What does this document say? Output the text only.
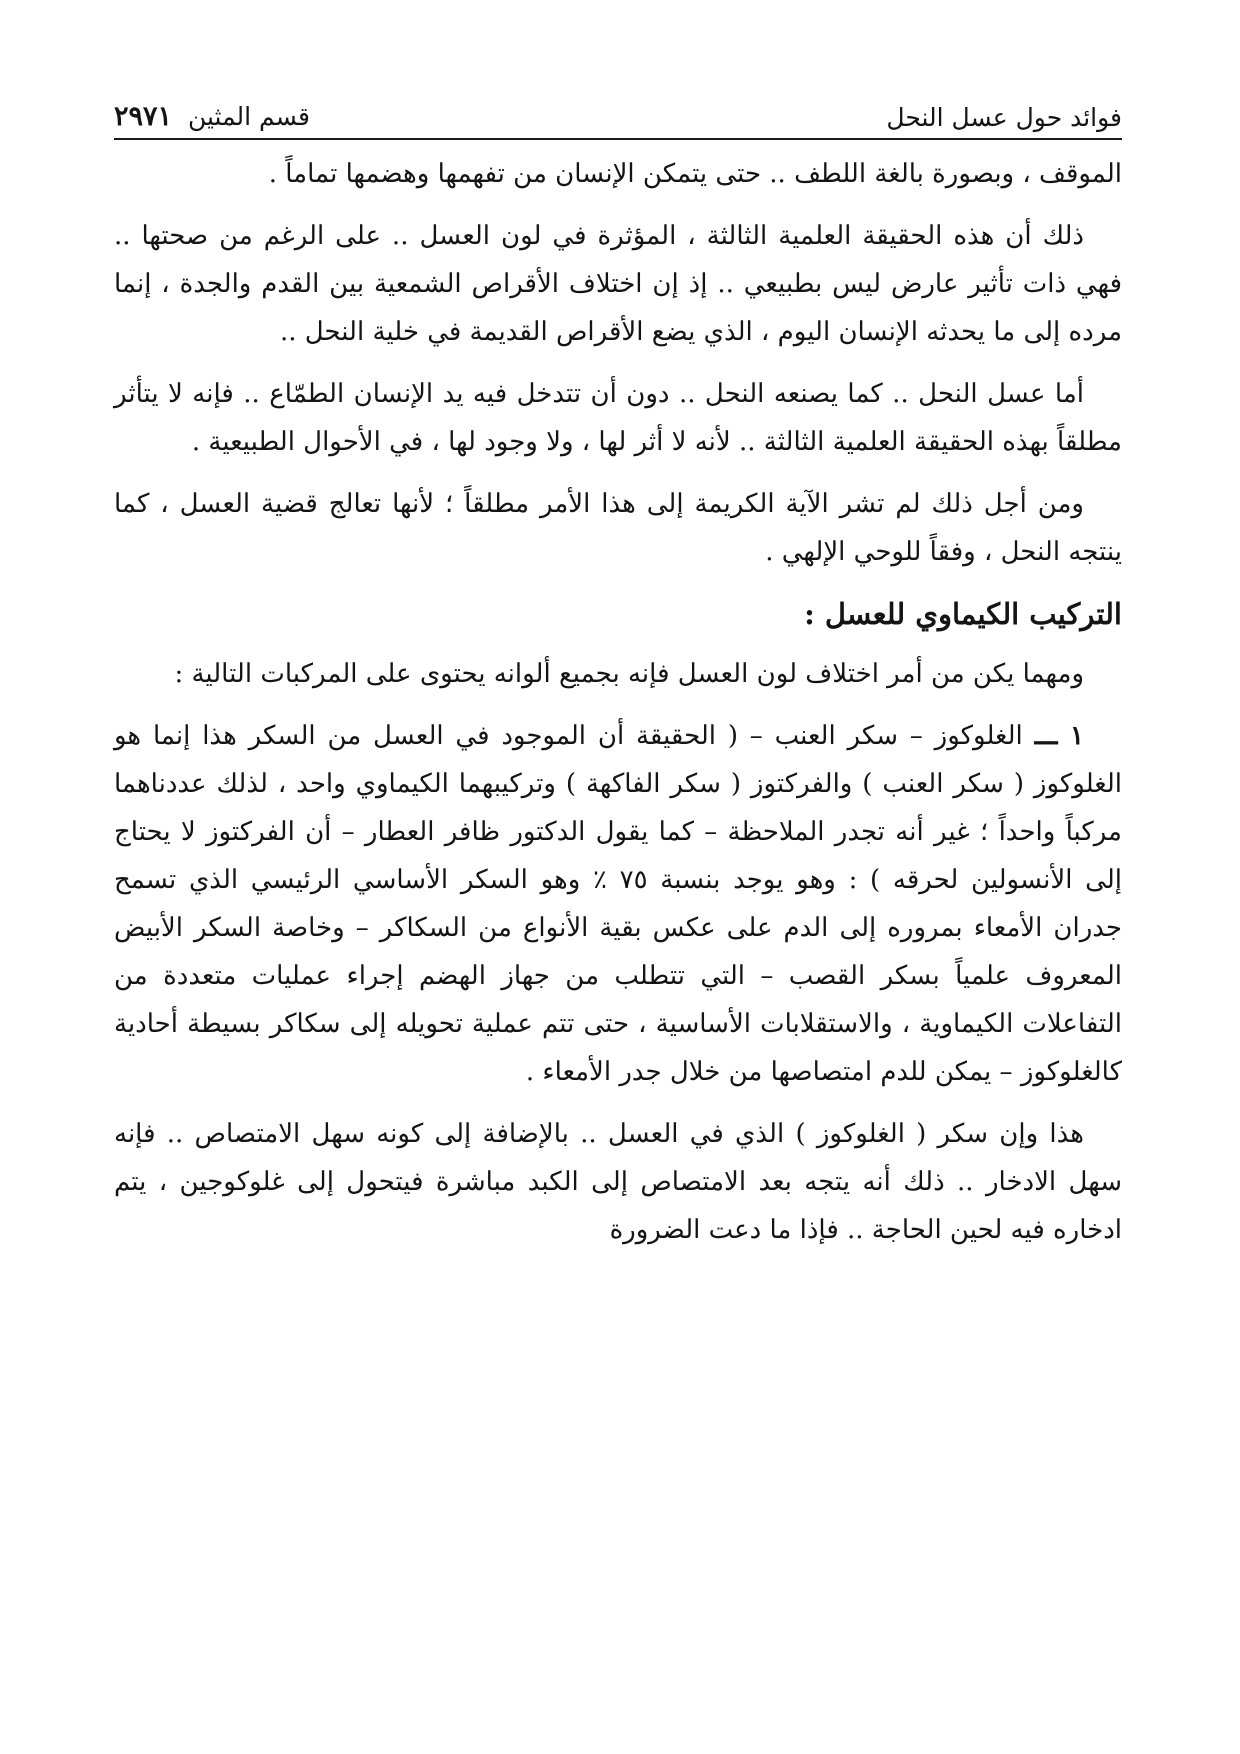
فوائد حول عسل النحل
قسم المثين ٢٩٧١

الموقف ، وبصورة بالغة اللطف .. حتى يتمكن الإنسان من تفهمها وهضمها تماماً .

ذلك أن هذه الحقيقة العلمية الثالثة ، المؤثرة في لون العسل .. على الرغم من صحتها .. فهي ذات تأثير عارض ليس بطبيعي .. إذ إن اختلاف الأقراص الشمعية بين القدم والجدة ، إنما مرده إلى ما يحدثه الإنسان اليوم ، الذي يضع الأقراص القديمة في خلية النحل ..

أما عسل النحل .. كما يصنعه النحل .. دون أن تتدخل فيه يد الإنسان الطمّاع .. فإنه لا يتأثر مطلقاً بهذه الحقيقة العلمية الثالثة .. لأنه لا أثر لها ، ولا وجود لها ، في الأحوال الطبيعية .

ومن أجل ذلك لم تشر الآية الكريمة إلى هذا الأمر مطلقاً ؛ لأنها تعالج قضية العسل ، كما ينتجه النحل ، وفقاً للوحي الإلهي .

التركيب الكيماوي للعسل :

ومهما يكن من أمر اختلاف لون العسل فإنه بجميع ألوانه يحتوى على المركبات التالية :

١ ـــ الغلوكوز – سكر العنب – ( الحقيقة أن الموجود في العسل من السكر هذا إنما هو الغلوكوز ( سكر العنب ) والفركتوز ( سكر الفاكهة ) وتركيبهما الكيماوي واحد ، لذلك عددناهما مركباً واحداً ؛ غير أنه تجدر الملاحظة – كما يقول الدكتور ظافر العطار – أن الفركتوز لا يحتاج إلى الأنسولين لحرقه ) : وهو يوجد بنسبة ٧٥ ٪ وهو السكر الأساسي الرئيسي الذي تسمح جدران الأمعاء بمروره إلى الدم على عكس بقية الأنواع من السكاكر – وخاصة السكر الأبيض المعروف علمياً بسكر القصب – التي تتطلب من جهاز الهضم إجراء عمليات متعددة من التفاعلات الكيماوية ، والاستقلابات الأساسية ، حتى تتم عملية تحويله إلى سكاكر بسيطة أحادية كالغلوكوز – يمكن للدم امتصاصها من خلال جدر الأمعاء .

هذا وإن سكر ( الغلوكوز ) الذي في العسل .. بالإضافة إلى كونه سهل الامتصاص .. فإنه سهل الادخار .. ذلك أنه يتجه بعد الامتصاص إلى الكبد مباشرة فيتحول إلى غلوكوجين ، يتم ادخاره فيه لحين الحاجة .. فإذا ما دعت الضرورة
